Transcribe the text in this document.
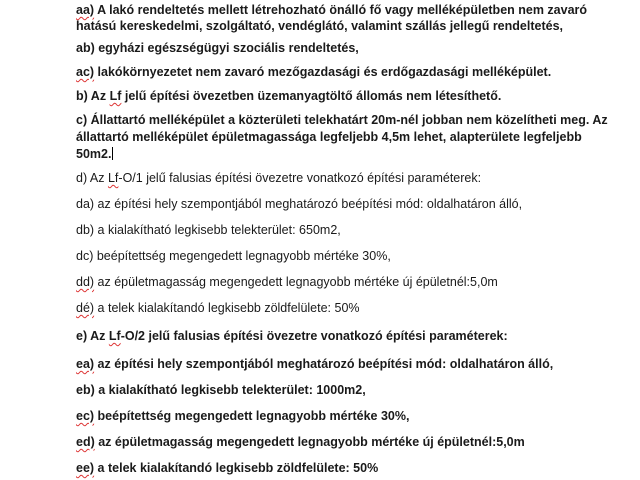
aa) A lakó rendeltetés mellett létrehozható önálló fő vagy melléképületben nem zavaró
hatású kereskedelmi, szolgáltató, vendéglátó, valamint szállás jellegű rendeltetés,
ab) egyházi egészségügyi szociális rendeltetés,
ac) lakókörnyezetet nem zavaró mezőgazdasági és erdőgazdasági melléképület.
b) Az Lf jelű építési övezetben üzemanyagtöltő állomás nem létesíthető.
c) Állattartó melléképület a közterületi telekhatárt 20m-nél jobban nem közelítheti meg. Az
állattartó melléképület épületmagassága legfeljebb 4,5m lehet, alapterülete legfeljebb
50m2.
d) Az Lf-O/1 jelű falusias építési övezetre vonatkozó építési paraméterek:
da) az építési hely szempontjából meghatározó beépítési mód: oldalhatáron álló,
db) a kialakítható legkisebb telekterület: 650m2,
dc) beépítettség megengedett legnagyobb mértéke 30%,
dd) az épületmagasság megengedett legnagyobb mértéke új épületnél:5,0m
dé) a telek kialakítandó legkisebb zöldfelülete: 50%
e) Az Lf-O/2 jelű falusias építési övezetre vonatkozó építési paraméterek:
ea) az építési hely szempontjából meghatározó beépítési mód: oldalhatáron álló,
eb) a kialakítható legkisebb telekterület: 1000m2,
ec) beépítettség megengedett legnagyobb mértéke 30%,
ed) az épületmagasság megengedett legnagyobb mértéke új épületnél:5,0m
ee) a telek kialakítandó legkisebb zöldfelülete: 50%
